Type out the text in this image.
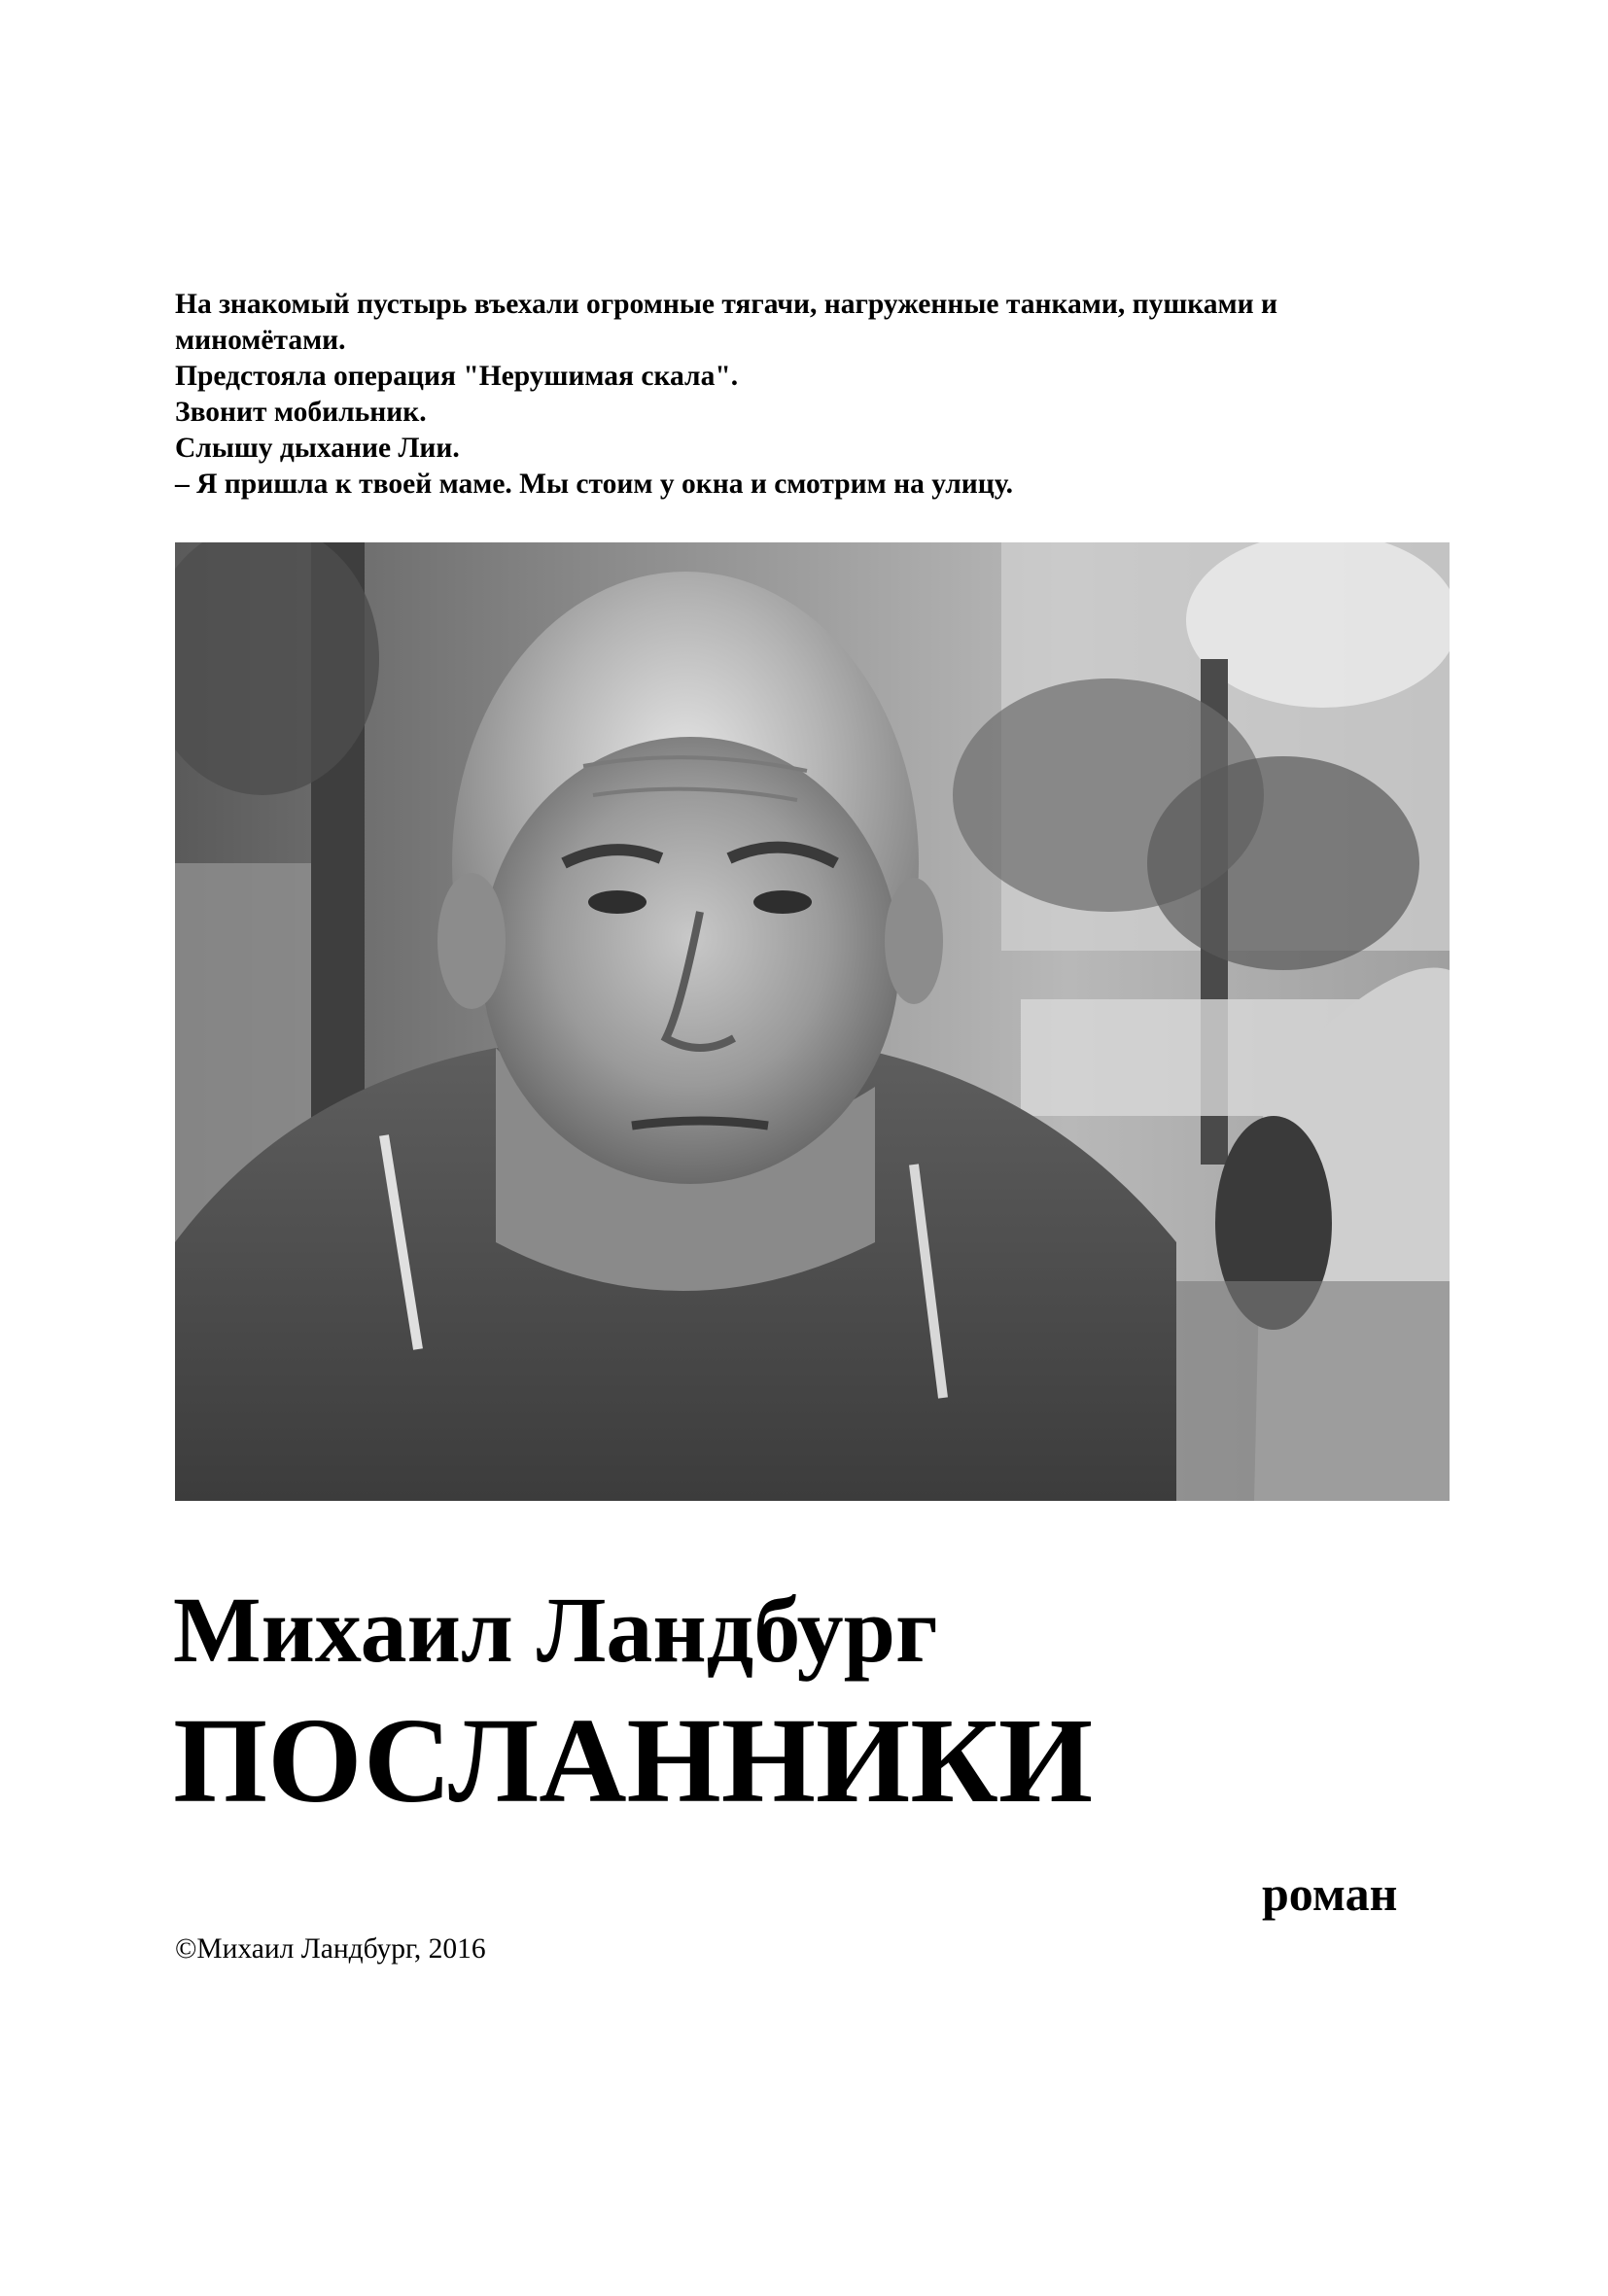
На знакомый пустырь въехали огромные тягачи, нагруженные танками, пушками и
миномётами.
Предстояла операция "Нерушимая скала".
Звонит мобильник.
Слышу дыхание Лии.
– Я пришла к твоей маме. Мы стоим у окна и смотрим на улицу.
Михаил Ландбург
ПОСЛАННИКИ
роман
©Михаил Ландбург, 2016
